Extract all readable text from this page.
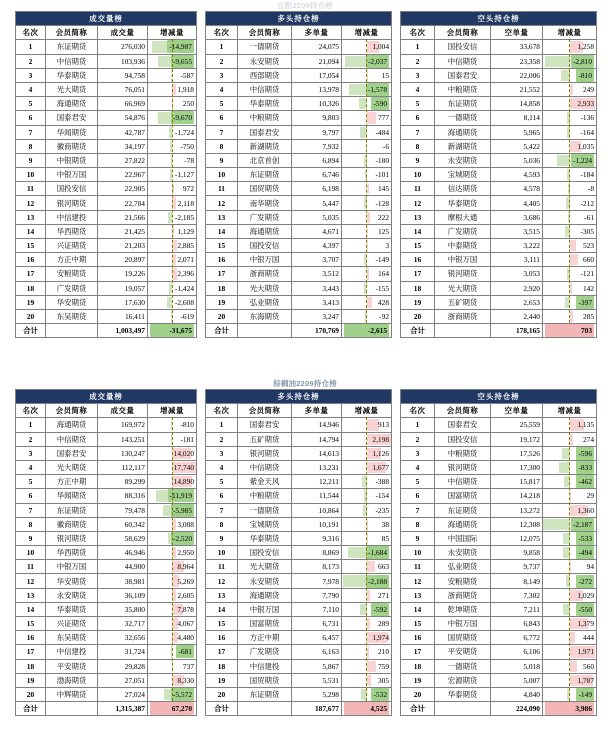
豆粕2209持仓榜
成交量榜			
名次	会员简称	成交量	增减量
1	东证期货	276,030	-14,987
2	中信期货	103,936	-9,655
3	华泰期货	94,758	-587
4	光大期货	76,051	1,918
5	海通期货	66,969	250
6	国泰君安	54,876	-9,670
7	华闻期货	42,787	-1,724
8	徽商期货	34,197	-750
9	中银期货	27,822	-78
10	中银万国	22,967	-1,127
11	国投安信	22,905	972
12	银河期货	22,784	2,118
13	中信建投	21,566	-2,185
14	华西期货	21,425	1,129
15	兴证期货	21,203	2,885
16	方正中期	20,897	2,071
17	安粮期货	19,226	2,396
18	广发期货	19,057	-1,424
19	华安期货	17,630	-2,608
20	东吴期货	16,411	-619
合计		1,003,497	-31,675
多头持仓榜			
名次	会员简称	多单量	增减量
1	一德期货	24,075	1,004
2	永安期货	21,094	-2,037
3	西部期货	17,054	15
4	中信期货	13,978	-1,578
5	华泰期货	10,326	-590
6	中粮期货	9,803	777
7	国泰君安	9,797	-484
8	新湖期货	7,932	-6
9	北京首创	6,894	-180
10	东证期货	6,746	-101
11	国贸期货	6,198	145
12	南华期货	5,447	-128
13	广发期货	5,035	222
14	海通期货	4,671	125
15	国投安信	4,397	3
16	中银万国	3,707	-149
17	浙商期货	3,512	164
18	光大期货	3,443	-155
19	弘业期货	3,413	428
20	东海期货	3,247	-92
合计		170,769	-2,615
空头持仓榜			
名次	会员简称	空单量	增减量
1	国投安信	33,678	1,258
2	中信期货	23,358	-2,810
3	国泰君安	22,006	-810
4	中粮期货	21,552	249
5	东证期货	14,858	2,933
6	一德期货	8,114	-136
7	海通期货	5,965	-164
8	新湖期货	5,422	1,035
9	永安期货	5,036	-1,224
10	宝城期货	4,593	-184
11	信达期货	4,578	-8
12	华泰期货	4,405	-212
13	摩根大通	3,686	-61
14	广发期货	3,515	-305
15	中泰期货	3,222	523
16	中银万国	3,111	660
17	银河期货	3,053	-121
18	光大期货	2,920	142
19	五矿期货	2,653	-397
20	浙商期货	2,440	285
合计		178,165	703
棕榈油2209持仓榜
成交量榜			
名次	会员简称	成交量	增减量
1	海通期货	169,972	-810
2	中信期货	143,251	-181
3	国泰君安	130,247	14,020
4	光大期货	112,117	17,740
5	方正中期	89,299	14,890
6	华闻期货	88,316	-11,919
7	东证期货	79,478	-5,985
8	徽商期货	60,342	3,008
9	银河期货	58,629	-2,520
10	华西期货	46,946	2,950
11	中银万国	44,900	8,964
12	华安期货	38,981	5,269
13	永安期货	36,109	2,605
14	华泰期货	35,800	7,878
15	兴证期货	32,717	4,067
16	东吴期货	32,656	4,480
17	中信建投	31,724	-681
18	平安期货	29,828	737
19	渤海期货	27,051	8,330
20	中辉期货	27,024	-5,572
合计		1,315,387	67,270
多头持仓榜			
名次	会员简称	多单量	增减量
1	国泰君安	14,946	913
2	五矿期货	14,794	2,198
3	银河期货	14,613	1,126
4	中信期货	13,231	1,677
5	紫金天风	12,211	-388
6	中粮期货	11,544	-154
7	一德期货	10,864	-235
8	宝城期货	10,191	38
9	华泰期货	9,316	85
10	国投安信	8,869	-1,684
11	光大期货	8,173	663
12	永安期货	7,978	-2,188
13	海通期货	7,790	271
14	中银万国	7,110	-592
15	国富期货	6,731	289
16	方正中期	6,457	1,974
17	广发期货	6,163	210
18	中信建投	5,867	759
19	国贸期货	5,531	305
20	东证期货	5,298	-532
合计		187,677	4,525
空头持仓榜			
名次	会员简称	空单量	增减量
1	国泰君安	25,559	1,135
2	国投安信	19,172	274
3	中粮期货	17,526	-596
4	银河期货	17,300	-833
5	中信期货	15,817	-462
6	国富期货	14,218	29
7	东证期货	13,272	1,360
8	海通期货	12,308	-2,187
9	中国国际	12,075	-533
10	永安期货	9,858	-494
11	弘业期货	9,737	94
12	安粮期货	8,149	-272
13	浙商期货	7,302	1,029
14	乾坤期货	7,211	-550
15	中银万国	6,843	1,379
16	国贸期货	6,772	444
17	平安期货	6,106	1,971
18	一德期货	5,018	560
19	宏源期货	5,007	1,787
20	华泰期货	4,840	-149
合计		224,090	3,986
